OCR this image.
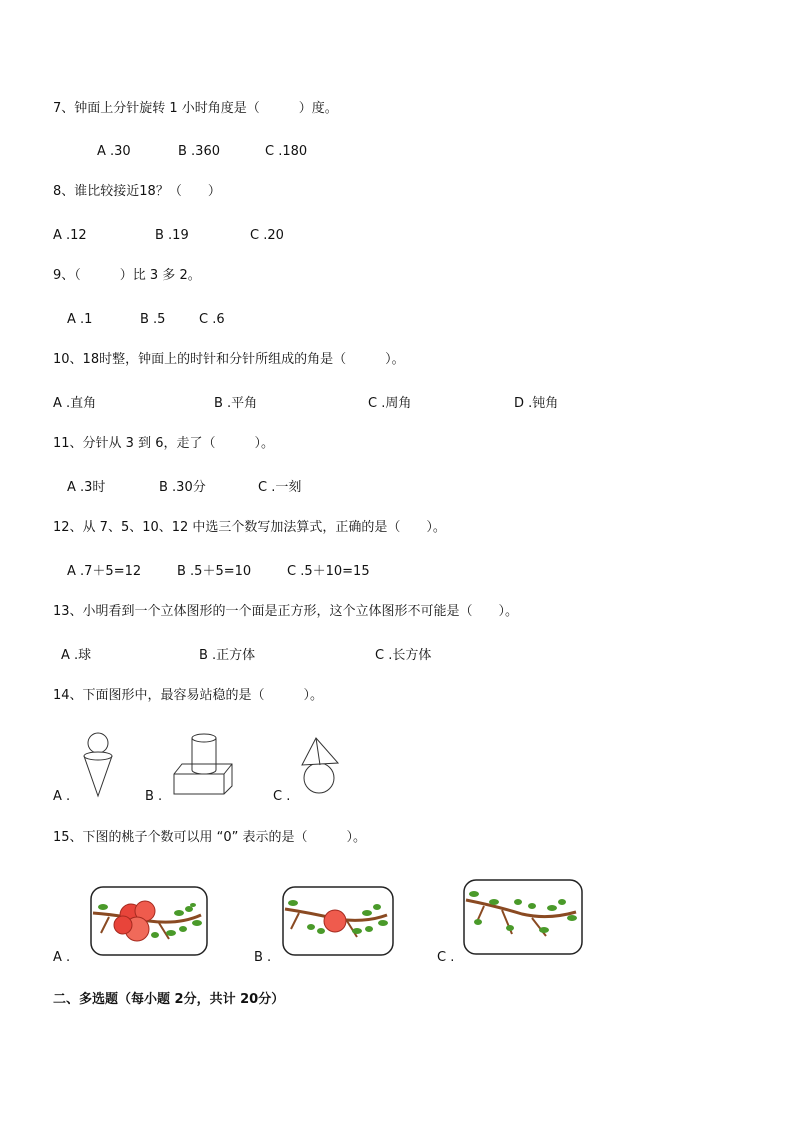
7、钟面上分针旋转 1 小时角度是（　　　）度。
A .30	B .360	C .180
8、谁比较接近18？（　　）
A .12	B .19	C .20
9、（　　　）比 3 多 2。
A .1	B .5	C .6
10、18时整，钟面上的时针和分针所组成的角是（　　　）。
A .直角	B .平角	C .周角	D .钝角
11、分针从 3 到 6，走了（　　　）。
A .3时	B .30分	C .一刻
12、从 7、5、10、12 中选三个数写加法算式，正确的是（　　）。
A .7＋5=12	B .5＋5=10	C .5＋10=15
13、小明看到一个立体图形的一个面是正方形，这个立体图形不可能是（　　）。
A .球	B .正方体	C .长方体
14、下面图形中，最容易站稳的是（　　　）。
A .	B .	C .
15、下图的桃子个数可以用 “0” 表示的是（　　　）。
A .	B .	C .
二、多选题（每小题 2分，共计 20分）
